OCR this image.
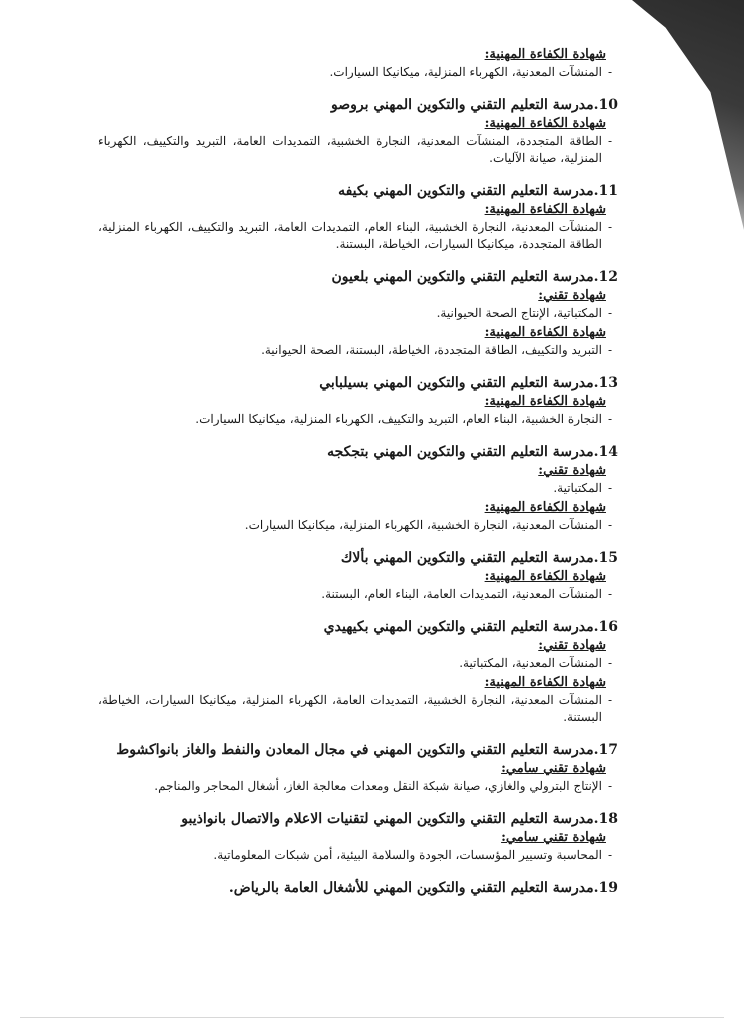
شهادة الكفاءة المهنية:

-
المنشآت المعدنية، الكهرباء المنزلية، ميكانيكا السيارات.

10.مدرسة التعليم التقني والتكوين المهني بروصو

شهادة الكفاءة المهنية:

-
الطاقة المتجددة، المنشآت المعدنية، النجارة الخشبية، التمديدات العامة، التبريد والتكييف، الكهرباء المنزلية، صيانة الآليات.

11.مدرسة التعليم التقني والتكوين المهني بكيفه

شهادة الكفاءة المهنية:

-
المنشآت المعدنية، النجارة الخشبية، البناء العام، التمديدات العامة، التبريد والتكييف، الكهرباء المنزلية، الطاقة المتجددة، ميكانيكا السيارات، الخياطة، البستنة.

12.مدرسة التعليم التقني والتكوين المهني بلعيون

شهادة تقني:

-
المكتباتية، الإنتاج الصحة الحيوانية.

شهادة الكفاءة المهنية:

-
التبريد والتكييف، الطاقة المتجددة، الخياطة، البستنة، الصحة الحيوانية.

13.مدرسة التعليم التقني والتكوين المهني بسيلبابي

شهادة الكفاءة المهنية:

-
النجارة الخشبية، البناء العام، التبريد والتكييف، الكهرباء المنزلية، ميكانيكا السيارات.

14.مدرسة التعليم التقني والتكوين المهني بتجكجه

شهادة تقني:

-
المكتباتية.

شهادة الكفاءة المهنية:

-
المنشآت المعدنية، النجارة الخشبية، الكهرباء المنزلية، ميكانيكا السيارات.

15.مدرسة التعليم التقني والتكوين المهني بألاك

شهادة الكفاءة المهنية:

-
المنشآت المعدنية، التمديدات العامة، البناء العام، البستنة.

16.مدرسة التعليم التقني والتكوين المهني بكيهيدي

شهادة تقني:

-
المنشآت المعدنية، المكتباتية.

شهادة الكفاءة المهنية:

-
المنشآت المعدنية، النجارة الخشبية، التمديدات العامة، الكهرباء المنزلية، ميكانيكا السيارات، الخياطة، البستنة.

17.مدرسة التعليم التقني والتكوين المهني في مجال المعادن والنفط والغاز بانواكشوط

شهادة تقني سامي:

-
الإنتاج البترولي والغازي، صيانة شبكة النقل ومعدات معالجة الغاز، أشغال المحاجر والمناجم.

18.مدرسة التعليم التقني والتكوين المهني لتقنيات الاعلام والاتصال بانواذيبو

شهادة تقني سامي:

-
المحاسبة وتسيير المؤسسات، الجودة والسلامة البيئية، أمن شبكات المعلوماتية.

19.مدرسة التعليم التقني والتكوين المهني للأشغال العامة بالرياض.
